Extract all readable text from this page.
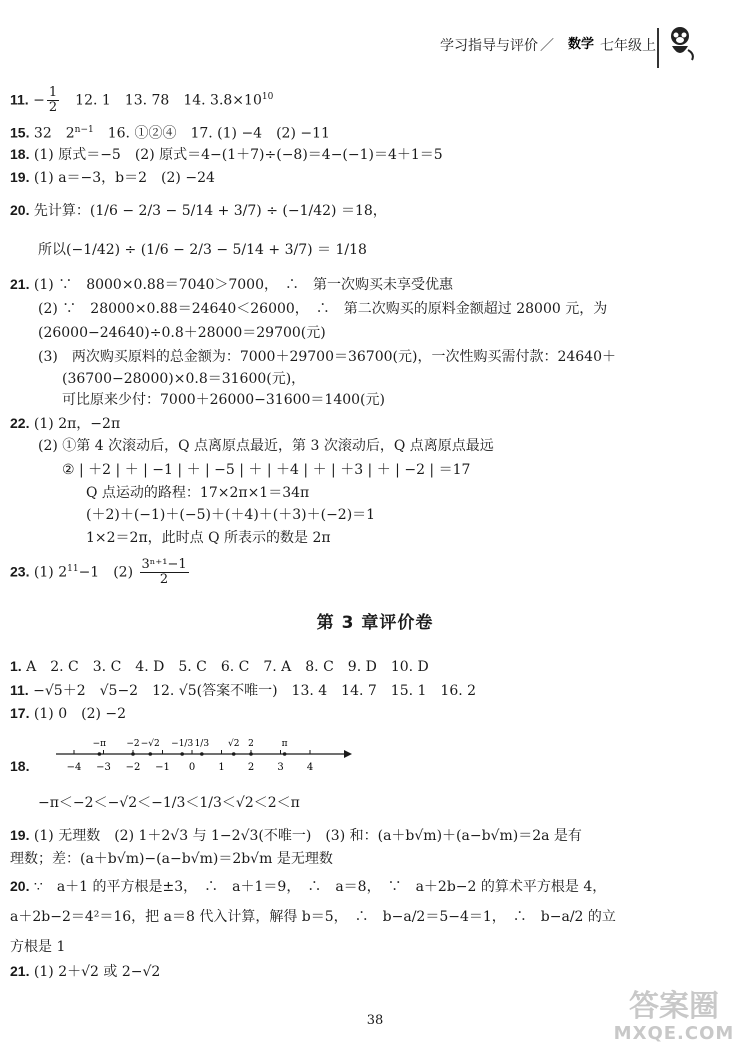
学习指导与评价 ／ 数学 七年级上
11. − $\frac{1}{2}$ 　12. 1　13. 78　14. $3.8\times 10^{10}$
15. 32　$2^{n-1}$　16. ①②④　17. (1) −4　(2) −11
18. (1) 原式＝−5　(2) 原式＝4−(1＋7)÷(−8)＝4−(−1)＝4＋1＝5
19. (1) a＝−3，b＝2　(2) −24
20. 先计算：(1/6 − 2/3 − 5/14 + 3/7) ÷ (−1/42) ＝18，
所以(−1/42) ÷ (1/6 − 2/3 − 5/14 + 3/7) ＝ 1/18
21. (1) ∵　8000×0.88＝7040＞7000，　∴　第一次购买未享受优惠
(2) ∵　28000×0.88＝24640＜26000，　∴　第二次购买的原料金额超过 28000 元，为
(26000−24640)÷0.8＋28000＝29700(元)
(3)　两次购买原料的总金额为：7000＋29700＝36700(元)，一次性购买需付款：24640＋
(36700−28000)×0.8＝31600(元)，
可比原来少付：7000＋26000−31600＝1400(元)
22. (1) 2π，−2π
(2) ①第 4 次滚动后，Q 点离原点最近，第 3 次滚动后，Q 点离原点最远
② | ＋2 | ＋ | −1 | ＋ | −5 | ＋ | ＋4 | ＋ | ＋3 | ＋ | −2 | ＝17
Q 点运动的路程：17×2π×1＝34π
(＋2)＋(−1)＋(−5)＋(＋4)＋(＋3)＋(−2)＝1
1×2＝2π，此时点 Q 所表示的数是 2π
23. (1) $2^{11}-1$　$(2) \frac{\text{3ⁿ⁺¹−1}}{2}$
第 3 章评价卷
1. A　2. C　3. C　4. D　5. C　6. C　7. A　8. C　9. D　10. D
11. −√5＋2　√5−2　12. √5(答案不唯一)　13. 4　14. 7　15. 1　16. 2
17. (1) 0　(2) −2
18.	−4 −3 −2 −1 0 1 2 3 4
−π −2 −√2 −1/3 1/3 √2 2	π
−π＜−2＜−√2＜−1/3＜1/3＜√2＜2＜π
19. (1) 无理数　(2) 1＋2√3 与 1−2√3(不唯一)　(3) 和：(a＋b√m)＋(a−b√m)＝2a 是有
理数；差：(a＋b√m)−(a−b√m)＝2b√m 是无理数
20. ∵　a＋1 的平方根是±3，　∴　a＋1＝9，　∴　a＝8，　∵　a＋2b−2 的算术平方根是 4，
a＋2b−2＝4²＝16，把 a＝8 代入计算，解得 b＝5，　∴　b−a/2＝5−4＝1，　∴　b−a/2 的立
方根是 1
21. (1) 2＋√2 或 2−√2
38	答案圈
MXQE.COM
